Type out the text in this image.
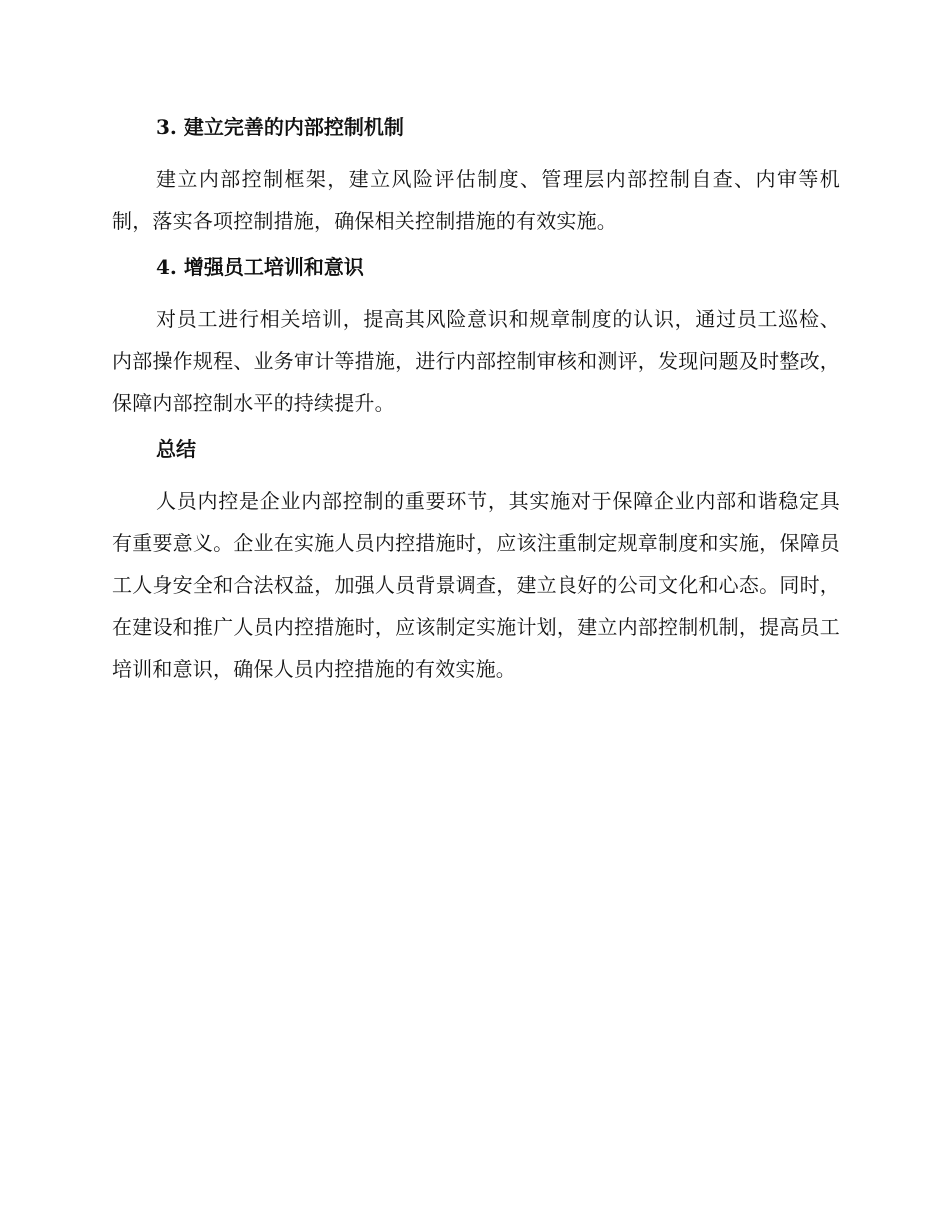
3. 建立完善的内部控制机制

建立内部控制框架，建立风险评估制度、管理层内部控制自查、内审等机制，落实各项控制措施，确保相关控制措施的有效实施。

4. 增强员工培训和意识

对员工进行相关培训，提高其风险意识和规章制度的认识，通过员工巡检、内部操作规程、业务审计等措施，进行内部控制审核和测评，发现问题及时整改，保障内部控制水平的持续提升。

总结

人员内控是企业内部控制的重要环节，其实施对于保障企业内部和谐稳定具有重要意义。企业在实施人员内控措施时，应该注重制定规章制度和实施，保障员工人身安全和合法权益，加强人员背景调查，建立良好的公司文化和心态。同时，在建设和推广人员内控措施时，应该制定实施计划，建立内部控制机制，提高员工培训和意识，确保人员内控措施的有效实施。
